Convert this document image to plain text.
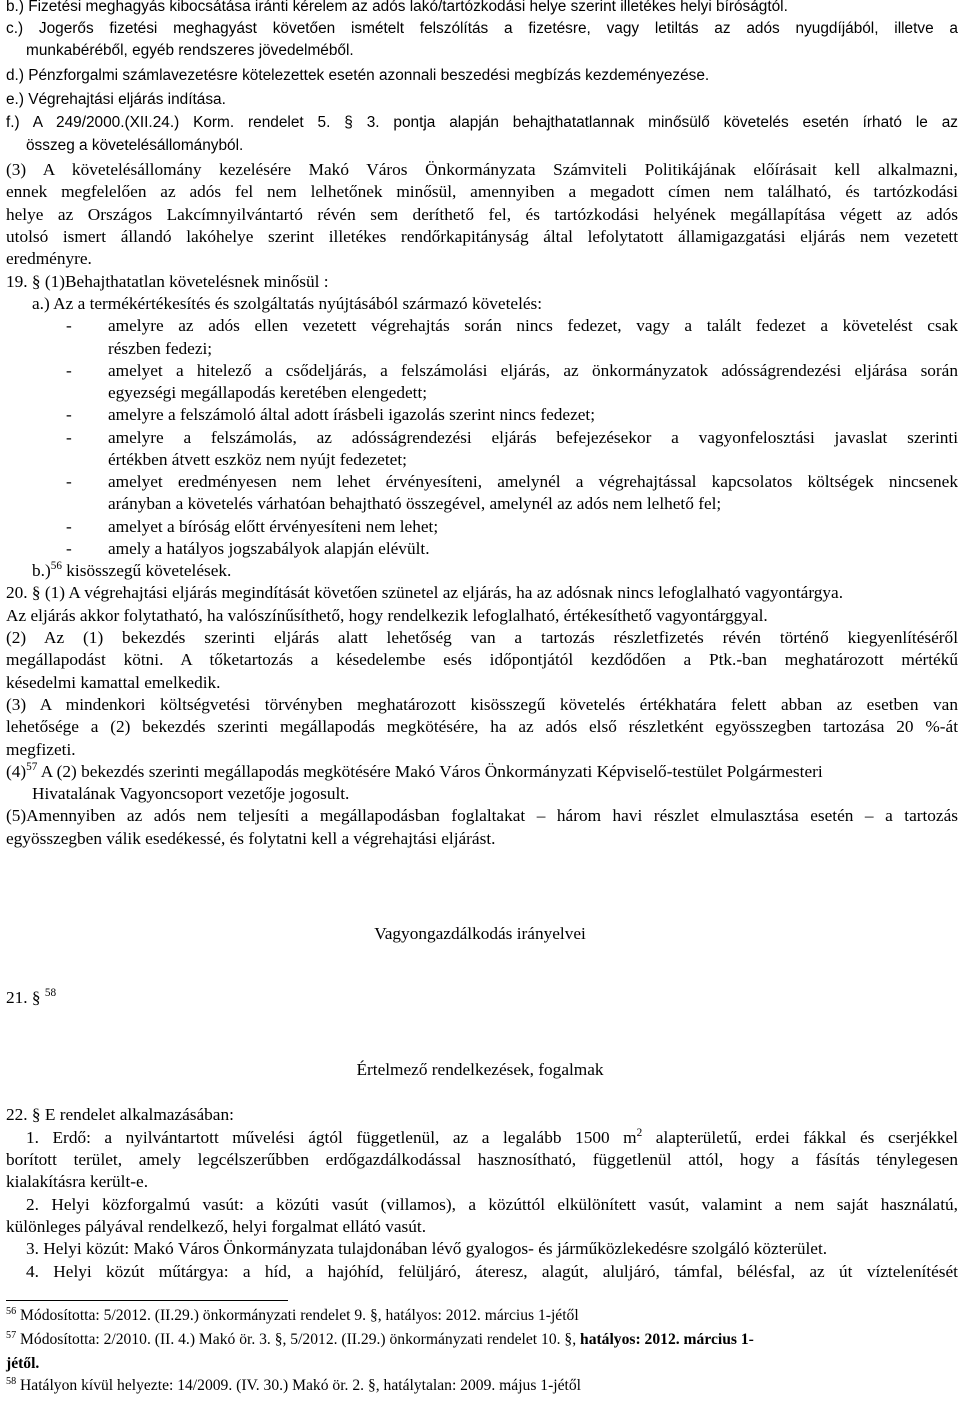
b.) Fizetési meghagyás kibocsátása iránti kérelem az adós lakó/tartózkodási helye szerint illetékes helyi bíróságtól.
c.) Jogerős fizetési meghagyást követően ismételt felszólítás a fizetésre, vagy letiltás az adós nyugdíjából, illetve a
munkabéréből, egyéb rendszeres jövedelméből.
d.) Pénzforgalmi számlavezetésre kötelezettek esetén azonnali beszedési megbízás kezdeményezése.
e.) Végrehajtási eljárás indítása.
f.) A 249/2000.(XII.24.) Korm. rendelet 5. § 3. pontja alapján behajthatatlannak minősülő követelés esetén írható le az
összeg a követelésállományból.
(3) A követelésállomány kezelésére Makó Város Önkormányzata Számviteli Politikájának előírásait kell alkalmazni,
ennek megfelelően az adós fel nem lelhetőnek minősül, amennyiben a megadott címen nem található, és tartózkodási
helye az Országos Lakcímnyilvántartó révén sem deríthető fel, és tartózkodási helyének megállapítása végett az adós
utolsó ismert állandó lakóhelye szerint illetékes rendőrkapitányság által lefolytatott államigazgatási eljárás nem vezetett
eredményre.
19. § (1)Behajthatatlan követelésnek minősül :
a.) Az a termékértékesítés és szolgáltatás nyújtásából származó követelés:
- amelyre az adós ellen vezetett végrehajtás során nincs fedezet, vagy a talált fedezet a követelést csak
részben fedezi;
- amelyet a hitelező a csődeljárás, a felszámolási eljárás, az önkormányzatok adósságrendezési eljárása során
egyezségi megállapodás keretében elengedett;
- amelyre a felszámoló által adott írásbeli igazolás szerint nincs fedezet;
- amelyre a felszámolás, az adósságrendezési eljárás befejezésekor a vagyonfelosztási javaslat szerinti
értékben átvett eszköz nem nyújt fedezetet;
- amelyet eredményesen nem lehet érvényesíteni, amelynél a végrehajtással kapcsolatos költségek nincsenek
arányban a követelés várhatóan behajtható összegével, amelynél az adós nem lelhető fel;
- amelyet a bíróság előtt érvényesíteni nem lehet;
- amely a hatályos jogszabályok alapján elévült.
b.)$^{56}$ kisösszegű követelések.
20. § (1) A végrehajtási eljárás megindítását követően szünetel az eljárás, ha az adósnak nincs lefoglalható vagyontárgya.
Az eljárás akkor folytatható, ha valószínűsíthető, hogy rendelkezik lefoglalható, értékesíthető vagyontárggyal.
(2) Az (1) bekezdés szerinti eljárás alatt lehetőség van a tartozás részletfizetés révén történő kiegyenlítéséről
megállapodást kötni. A tőketartozás a késedelembe esés időpontjától kezdődően a Ptk.-ban meghatározott mértékű
késedelmi kamattal emelkedik.
(3) A mindenkori költségvetési törvényben meghatározott kisösszegű követelés értékhatára felett abban az esetben van
lehetősége a (2) bekezdés szerinti megállapodás megkötésére, ha az adós első részletként egyösszegben tartozása 20 %-át
megfizeti.
$(4)^{57}$ A (2) bekezdés szerinti megállapodás megkötésére Makó Város Önkormányzati Képviselő-testület Polgármesteri
Hivatalának Vagyoncsoport vezetője jogosult.
(5)Amennyiben az adós nem teljesíti a megállapodásban foglaltakat – három havi részlet elmulasztása esetén – a tartozás
egyösszegben válik esedékessé, és folytatni kell a végrehajtási eljárást.
Vagyongazdálkodás irányelvei
21. § $^{58}$
Értelmező rendelkezések, fogalmak
22. § E rendelet alkalmazásában:
1. Erdő: a nyilvántartott művelési ágtól függetlenül, az a legalább 1500 $m^2$ alapterületű, erdei fákkal és cserjékkel
borított terület, amely legcélszerűbben erdőgazdálkodással hasznosítható, függetlenül attól, hogy a fásítás ténylegesen
kialakításra került-e.
2. Helyi közforgalmú vasút: a közúti vasút (villamos), a közúttól elkülönített vasút, valamint a nem saját használatú,
különleges pályával rendelkező, helyi forgalmat ellátó vasút.
3. Helyi közút: Makó Város Önkormányzata tulajdonában lévő gyalogos- és járműközlekedésre szolgáló közterület.
4. Helyi közút műtárgya: a híd, a hajóhíd, felüljáró, áteresz, alagút, aluljáró, támfal, bélésfal, az út víztelenítését
$^{56}$ Módosította: 5/2012. (II.29.) önkormányzati rendelet 9. §, hatályos: 2012. március 1-jétől
$^{57}$ Módosította: 2/2010. (II. 4.) Makó ör. 3. §, 5/2012. (II.29.) önkormányzati rendelet 10. §, hatályos: 2012. március 1-
jétől.
$^{58}$ Hatályon kívül helyezte: 14/2009. (IV. 30.) Makó ör. 2. §, hatálytalan: 2009. május 1-jétől
